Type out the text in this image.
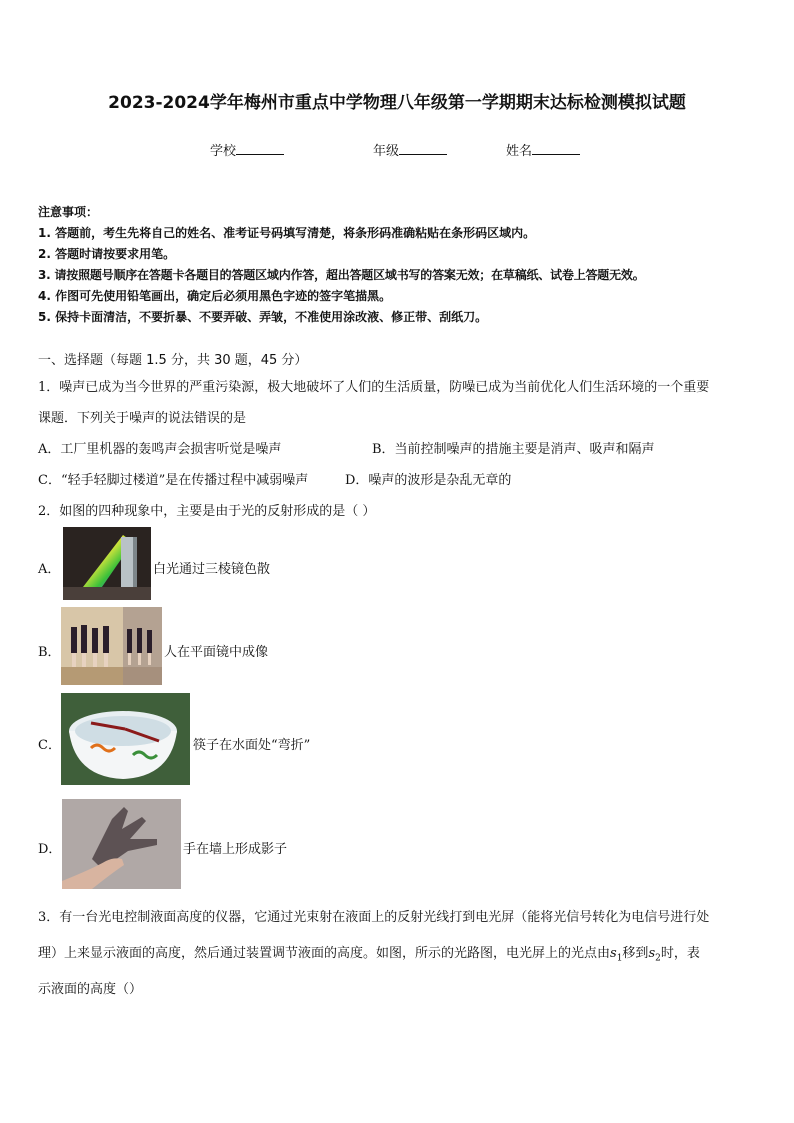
2023-2024学年梅州市重点中学物理八年级第一学期期末达标检测模拟试题
学校	年级	姓名
注意事项：
1. 答题前，考生先将自己的姓名、准考证号码填写清楚，将条形码准确粘贴在条形码区域内。
2. 答题时请按要求用笔。
3. 请按照题号顺序在答题卡各题目的答题区域内作答，超出答题区域书写的答案无效；在草稿纸、试卷上答题无效。
4. 作图可先使用铅笔画出，确定后必须用黑色字迹的签字笔描黑。
5. 保持卡面清洁，不要折暴、不要弄破、弄皱，不准使用涂改液、修正带、刮纸刀。
一、选择题（每题 1.5 分，共 30 题，45 分）
1．噪声已成为当今世界的严重污染源，极大地破坏了人们的生活质量，防噪已成为当前优化人们生活环境的一个重要
课题．下列关于噪声的说法错误的是
A．工厂里机器的轰鸣声会损害听觉是噪声	B．当前控制噪声的措施主要是消声、吸声和隔声
C．“轻手轻脚过楼道”是在传播过程中减弱噪声	D．噪声的波形是杂乱无章的
2．如图的四种现象中，主要是由于光的反射形成的是（ ）
A．	白光通过三棱镜色散
B．	人在平面镜中成像
C．	筷子在水面处“弯折”
D．	手在墙上形成影子
3．有一台光电控制液面高度的仪器，它通过光束射在液面上的反射光线打到电光屏（能将光信号转化为电信号进行处
理）上来显示液面的高度，然后通过装置调节液面的高度。如图，所示的光路图，电光屏上的光点由$s_1$移到$s_2$时，表
示液面的高度（）
